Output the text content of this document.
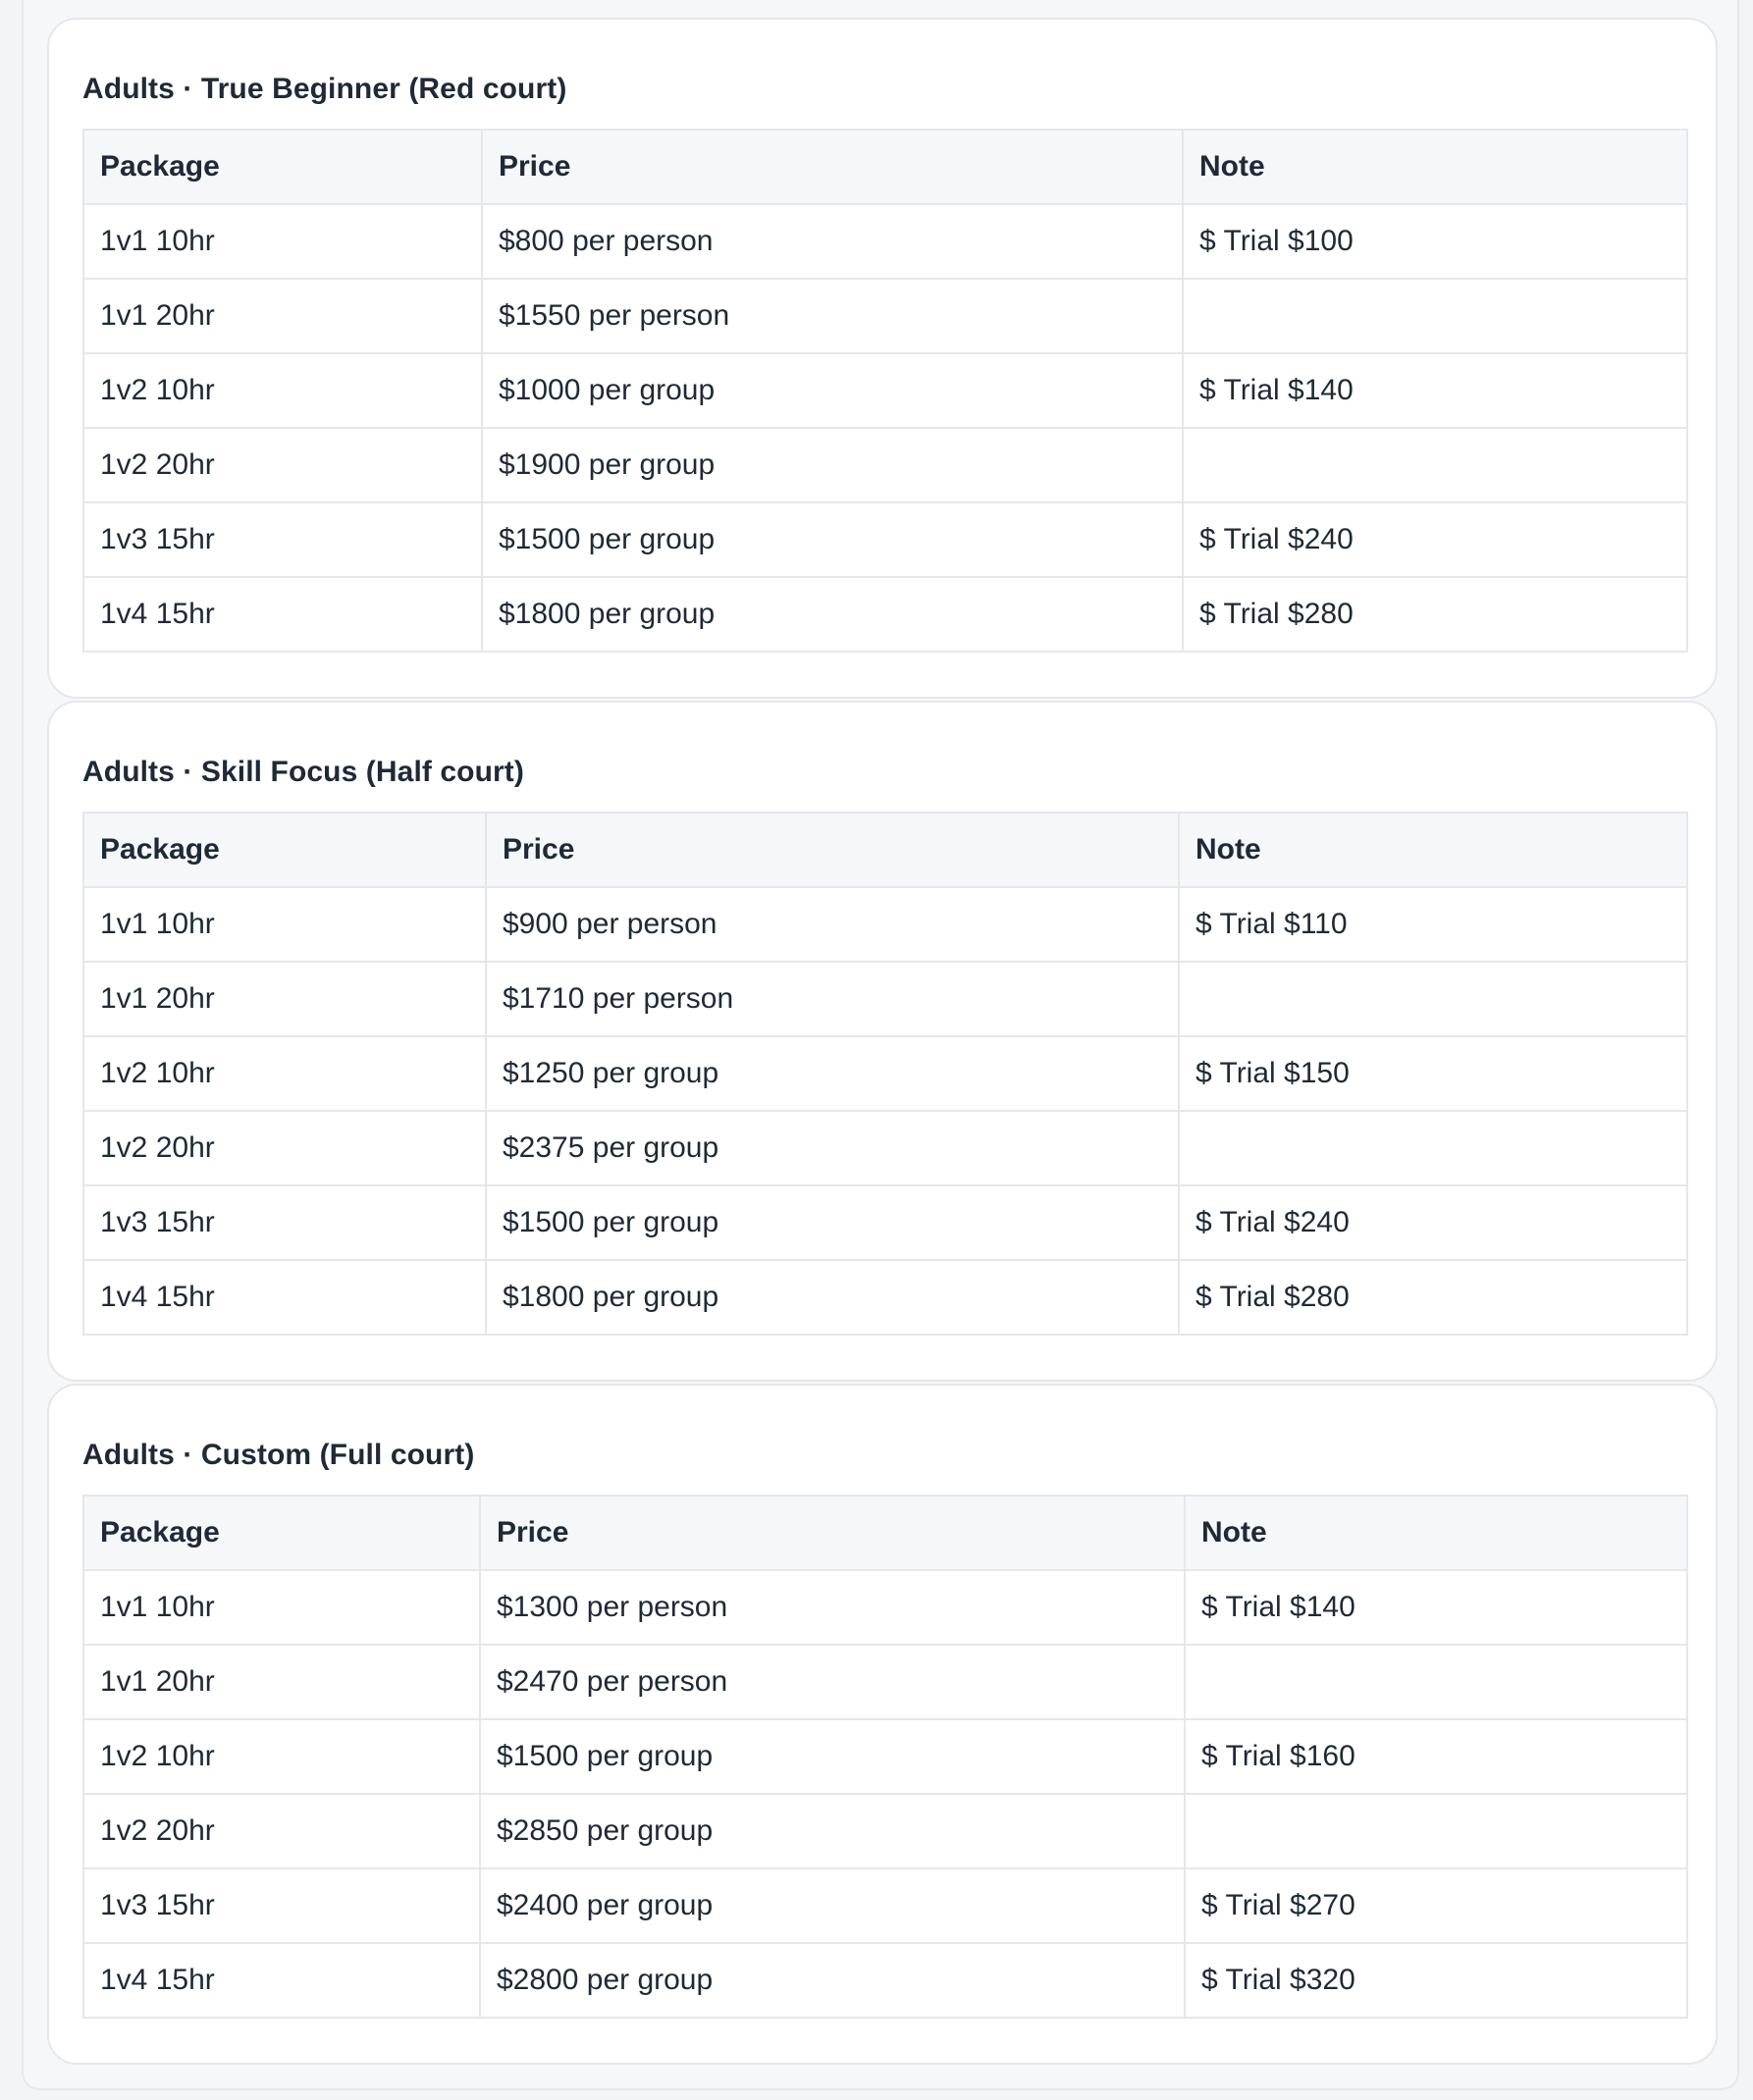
Adults · True Beginner (Red court)
Package	Price	Note
1v1 10hr	$800 per person	$ Trial $100
1v1 20hr	$1550 per person	
1v2 10hr	$1000 per group	$ Trial $140
1v2 20hr	$1900 per group	
1v3 15hr	$1500 per group	$ Trial $240
1v4 15hr	$1800 per group	$ Trial $280
Adults · Skill Focus (Half court)
Package	Price	Note
1v1 10hr	$900 per person	$ Trial $110
1v1 20hr	$1710 per person	
1v2 10hr	$1250 per group	$ Trial $150
1v2 20hr	$2375 per group	
1v3 15hr	$1500 per group	$ Trial $240
1v4 15hr	$1800 per group	$ Trial $280
Adults · Custom (Full court)
Package	Price	Note
1v1 10hr	$1300 per person	$ Trial $140
1v1 20hr	$2470 per person	
1v2 10hr	$1500 per group	$ Trial $160
1v2 20hr	$2850 per group	
1v3 15hr	$2400 per group	$ Trial $270
1v4 15hr	$2800 per group	$ Trial $320
